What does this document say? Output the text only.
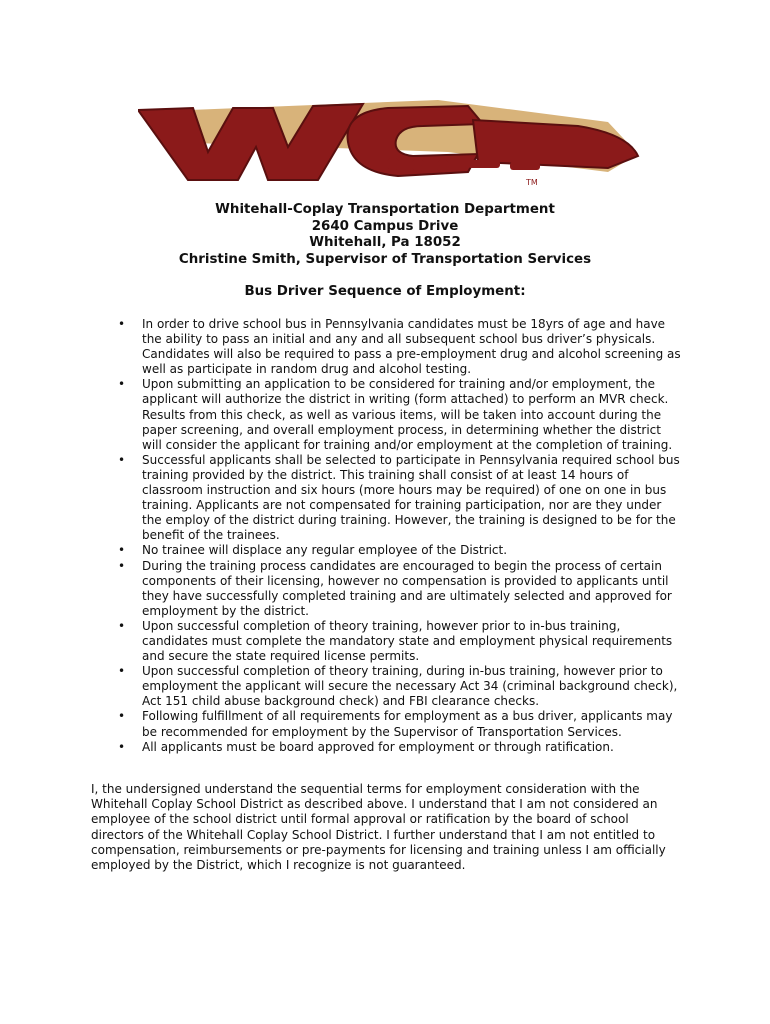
TM
Whitehall-Coplay Transportation Department
2640 Campus Drive
Whitehall, Pa 18052
Christine Smith, Supervisor of Transportation Services
Bus Driver Sequence of Employment:
• In order to drive school bus in Pennsylvania candidates must be 18yrs of age and have the ability to pass an initial and any and all subsequent school bus driver’s physicals. Candidates will also be required to pass a pre-employment drug and alcohol screening as well as participate in random drug and alcohol testing.
• Upon submitting an application to be considered for training and/or employment, the applicant will authorize the district in writing (form attached) to perform an MVR check. Results from this check, as well as various items, will be taken into account during the paper screening, and overall employment process, in determining whether the district will consider the applicant for training and/or employment at the completion of training.
• Successful applicants shall be selected to participate in Pennsylvania required school bus training provided by the district. This training shall consist of at least 14 hours of classroom instruction and six hours (more hours may be required) of one on one in bus training. Applicants are not compensated for training participation, nor are they under the employ of the district during training. However, the training is designed to be for the benefit of the trainees.
• No trainee will displace any regular employee of the District.
• During the training process candidates are encouraged to begin the process of certain components of their licensing, however no compensation is provided to applicants until they have successfully completed training and are ultimately selected and approved for employment by the district.
• Upon successful completion of theory training, however prior to in-bus training, candidates must complete the mandatory state and employment physical requirements and secure the state required license permits.
• Upon successful completion of theory training, during in-bus training, however prior to employment the applicant will secure the necessary Act 34 (criminal background check), Act 151 child abuse background check) and FBI clearance checks.
• Following fulfillment of all requirements for employment as a bus driver, applicants may be recommended for employment by the Supervisor of Transportation Services.
• All applicants must be board approved for employment or through ratification.

I, the undersigned understand the sequential terms for employment consideration with the Whitehall Coplay School District as described above. I understand that I am not considered an employee of the school district until formal approval or ratification by the board of school directors of the Whitehall Coplay School District. I further understand that I am not entitled to compensation, reimbursements or pre-payments for licensing and training unless I am officially employed by the District, which I recognize is not guaranteed.
